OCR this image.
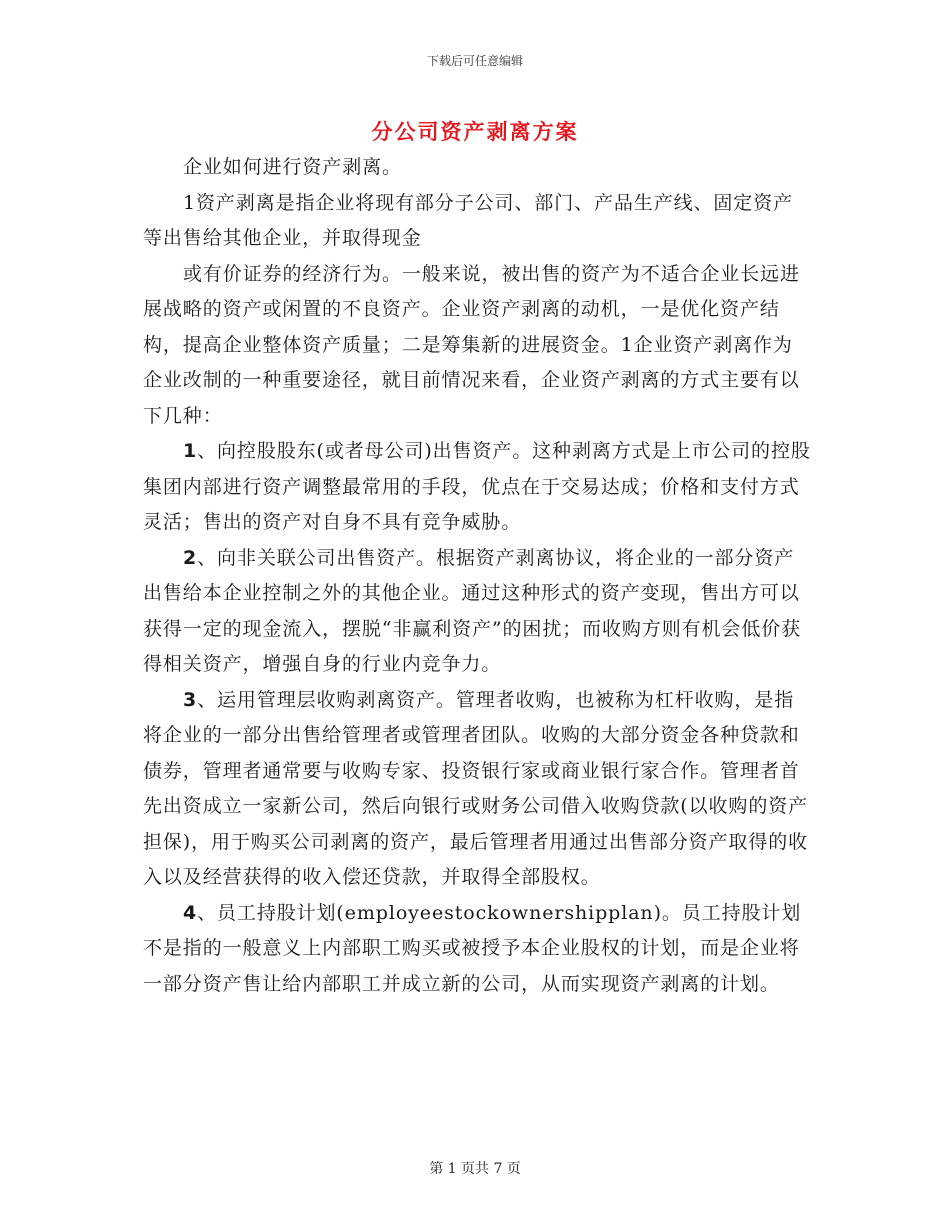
下载后可任意编辑
分公司资产剥离方案

企业如何进行资产剥离。

1资产剥离是指企业将现有部分子公司、部门、产品生产线、固定资产等出售给其他企业，并取得现金

或有价证券的经济行为。一般来说，被出售的资产为不适合企业长远进展战略的资产或闲置的不良资产。企业资产剥离的动机，一是优化资产结构，提高企业整体资产质量；二是筹集新的进展资金。1企业资产剥离作为企业改制的一种重要途径，就目前情况来看，企业资产剥离的方式主要有以下几种：

1、向控股股东(或者母公司)出售资产。这种剥离方式是上市公司的控股集团内部进行资产调整最常用的手段，优点在于交易达成；价格和支付方式灵活；售出的资产对自身不具有竞争威胁。

2、向非关联公司出售资产。根据资产剥离协议，将企业的一部分资产出售给本企业控制之外的其他企业。通过这种形式的资产变现，售出方可以获得一定的现金流入，摆脱“非赢利资产”的困扰；而收购方则有机会低价获得相关资产，增强自身的行业内竞争力。

3、运用管理层收购剥离资产。管理者收购，也被称为杠杆收购，是指将企业的一部分出售给管理者或管理者团队。收购的大部分资金各种贷款和债券，管理者通常要与收购专家、投资银行家或商业银行家合作。管理者首先出资成立一家新公司，然后向银行或财务公司借入收购贷款(以收购的资产担保)，用于购买公司剥离的资产，最后管理者用通过出售部分资产取得的收入以及经营获得的收入偿还贷款，并取得全部股权。

4、员工持股计划(employeestockownershipplan)。员工持股计划不是指的一般意义上内部职工购买或被授予本企业股权的计划，而是企业将一部分资产售让给内部职工并成立新的公司，从而实现资产剥离的计划。

第 1 页共 7 页
